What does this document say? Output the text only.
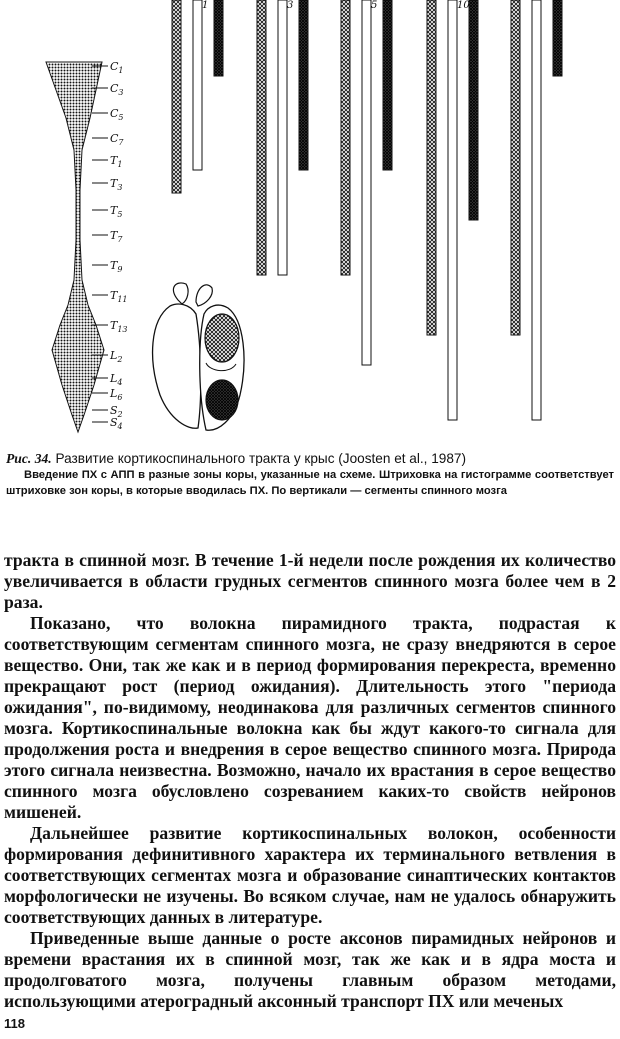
$C_1$
$C_3$
$C_5$
$C_7$
$T_1$
$T_3$
$T_5$
$T_7$
$T_9$
$T_{11}$
$T_{13}$
$L_2$
$L_4$
$L_6$
$S_2$
$S_4$
1	3	5	10
Рис. 34. Развитие кортикоспинального тракта у крыс (Joosten et al., 1987)

Введение ПХ с АПП в разные зоны коры, указанные на схеме. Штриховка на гистограмме соответствует штриховке зон коры, в которые вводилась ПХ. По вертикали — сегменты спинного мозга

тракта в спинной мозг. В течение 1-й недели после рождения их количество увеличивается в области грудных сегментов спинного мозга более чем в 2 раза.

Показано, что волокна пирамидного тракта, подрастая к соответствующим сегментам спинного мозга, не сразу внедряются в серое вещество. Они, так же как и в период формирования перекреста, временно прекращают рост (период ожидания). Длительность этого "периода ожидания", по-видимому, неодинакова для различных сегментов спинного мозга. Кортикоспинальные волокна как бы ждут какого-то сигнала для продолжения роста и внедрения в серое вещество спинного мозга. Природа этого сигнала неизвестна. Возможно, начало их врастания в серое вещество спинного мозга обусловлено созреванием каких-то свойств нейронов мишеней.

Дальнейшее развитие кортикоспинальных волокон, особенности формирования дефинитивного характера их терминального ветвления в соответствующих сегментах мозга и образование синаптических контактов морфологически не изучены. Во всяком случае, нам не удалось обнаружить соответствующих данных в литературе.

Приведенные выше данные о росте аксонов пирамидных нейронов и времени врастания их в спинной мозг, так же как и в ядра моста и продолговатого мозга, получены главным образом методами, использующими атероградный аксонный транспорт ПХ или меченых

118
